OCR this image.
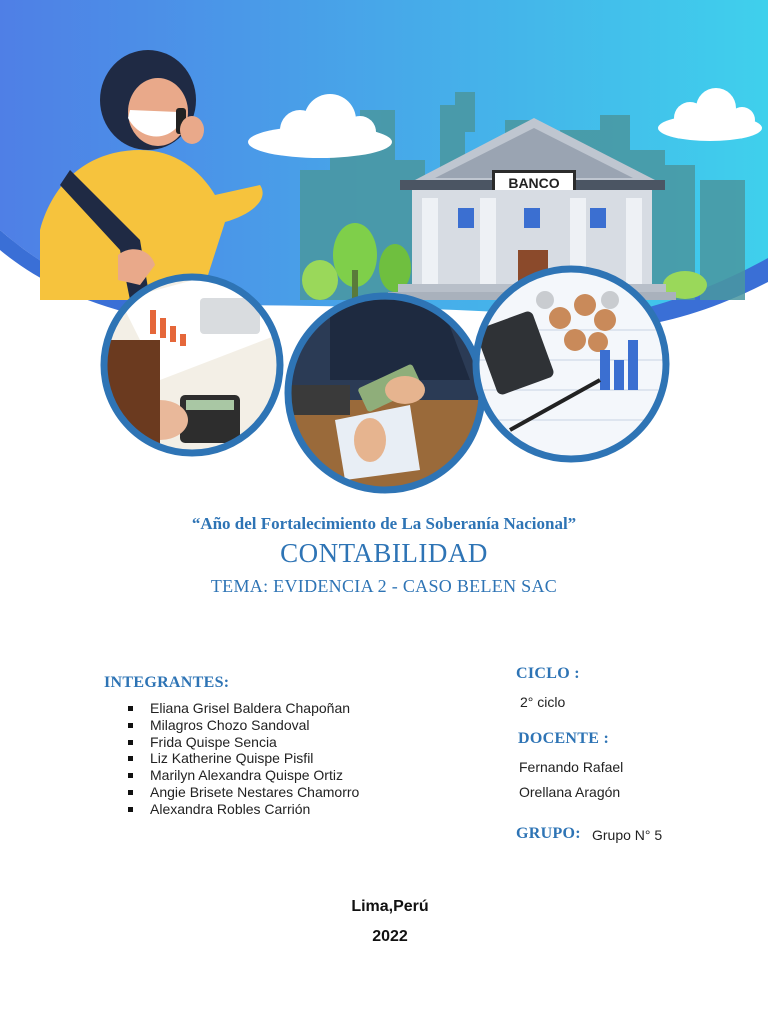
BANCO
“Año del Fortalecimiento de La Soberanía Nacional”
CONTABILIDAD
TEMA: EVIDENCIA 2 - CASO BELEN SAC
INTEGRANTES:
Eliana Grisel Baldera Chapoñan
Milagros Chozo Sandoval
Frida Quispe Sencia
Liz Katherine Quispe Pisfil
Marilyn Alexandra Quispe Ortiz
Angie Brisete Nestares Chamorro
Alexandra Robles Carrión
CICLO :
2° ciclo
DOCENTE :
Fernando Rafael
Orellana Aragón
GRUPO: Grupo N° 5
Lima,Perú
2022
